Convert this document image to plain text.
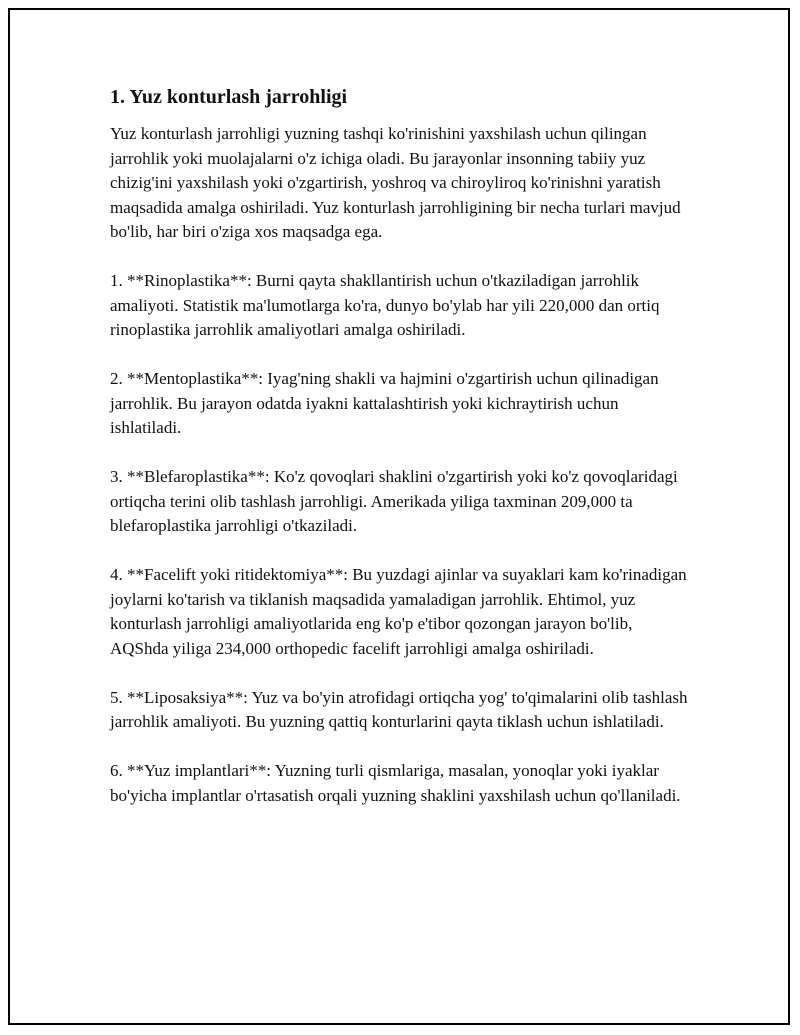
1. Yuz konturlash jarrohligi

Yuz konturlash jarrohligi yuzning tashqi ko'rinishini yaxshilash uchun qilingan jarrohlik yoki muolajalarni o'z ichiga oladi. Bu jarayonlar insonning tabiiy yuz chizig'ini yaxshilash yoki o'zgartirish, yoshroq va chiroyliroq ko'rinishni yaratish maqsadida amalga oshiriladi. Yuz konturlash jarrohligining bir necha turlari mavjud bo'lib, har biri o'ziga xos maqsadga ega.

1. **Rinoplastika**: Burni qayta shakllantirish uchun o'tkaziladigan jarrohlik amaliyoti. Statistik ma'lumotlarga ko'ra, dunyo bo'ylab har yili 220,000 dan ortiq rinoplastika jarrohlik amaliyotlari amalga oshiriladi.

2. **Mentoplastika**: Iyag'ning shakli va hajmini o'zgartirish uchun qilinadigan jarrohlik. Bu jarayon odatda iyakni kattalashtirish yoki kichraytirish uchun ishlatiladi.

3. **Blefaroplastika**: Ko'z qovoqlari shaklini o'zgartirish yoki ko'z qovoqlaridagi ortiqcha terini olib tashlash jarrohligi. Amerikada yiliga taxminan 209,000 ta blefaroplastika jarrohligi o'tkaziladi.

4. **Facelift yoki ritidektomiya**: Bu yuzdagi ajinlar va suyaklari kam ko'rinadigan joylarni ko'tarish va tiklanish maqsadida yamaladigan jarrohlik. Ehtimol, yuz konturlash jarrohligi amaliyotlarida eng ko'p e'tibor qozongan jarayon bo'lib, AQShda yiliga 234,000 orthopedic facelift jarrohligi amalga oshiriladi.

5. **Liposaksiya**: Yuz va bo'yin atrofidagi ortiqcha yog' to'qimalarini olib tashlash jarrohlik amaliyoti. Bu yuzning qattiq konturlarini qayta tiklash uchun ishlatiladi.

6. **Yuz implantlari**: Yuzning turli qismlariga, masalan, yonoqlar yoki iyaklar bo'yicha implantlar o'rtasatish orqali yuzning shaklini yaxshilash uchun qo'llaniladi.
